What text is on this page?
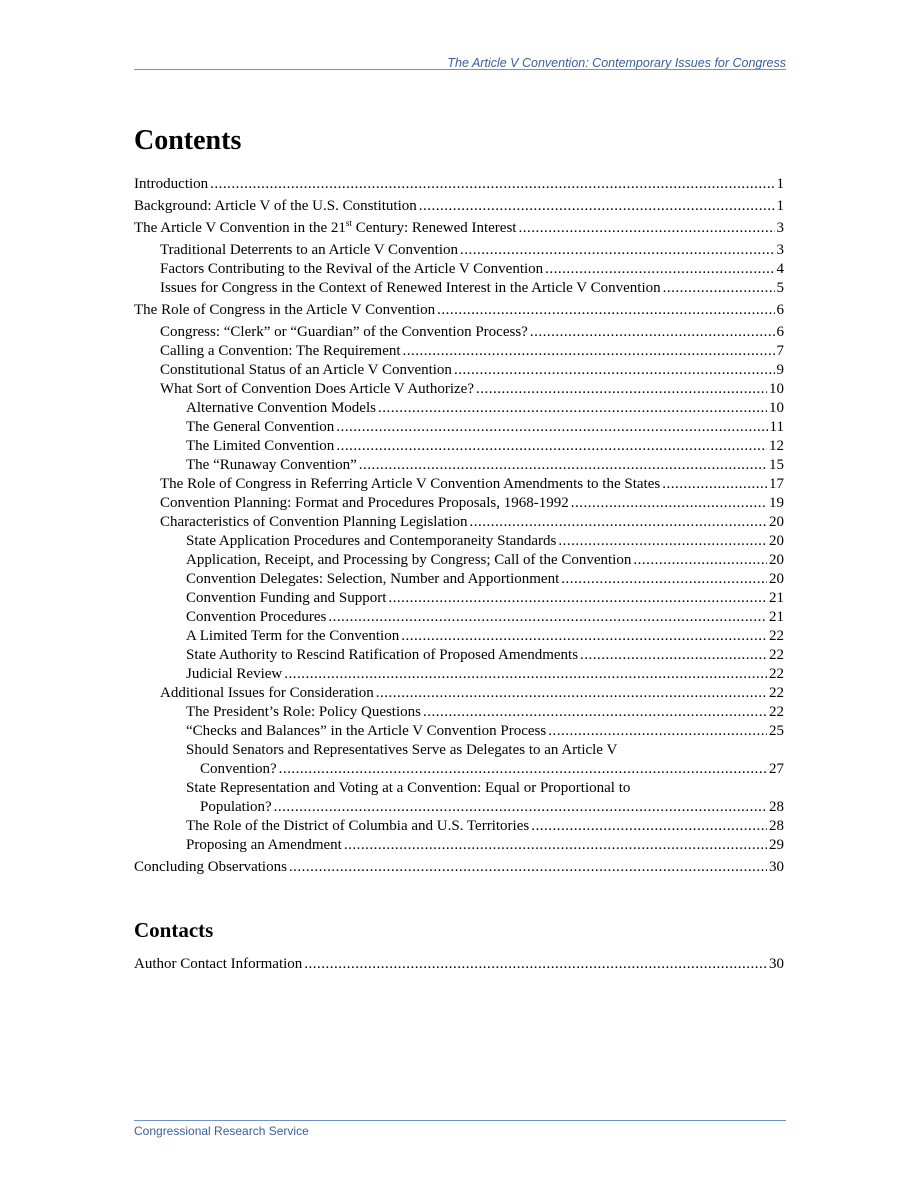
The Article V Convention: Contemporary Issues for Congress
Contents
Introduction .....	1
Background: Article V of the U.S. Constitution .....	1
The Article V Convention in the 21st Century: Renewed Interest .....	3
Traditional Deterrents to an Article V Convention .....	3
Factors Contributing to the Revival of the Article V Convention .....	4
Issues for Congress in the Context of Renewed Interest in the Article V Convention .....	5
The Role of Congress in the Article V Convention .....	6
Congress: “Clerk” or “Guardian” of the Convention Process? .....	6
Calling a Convention: The Requirement .....	7
Constitutional Status of an Article V Convention .....	9
What Sort of Convention Does Article V Authorize? .....	10
Alternative Convention Models .....	10
The General Convention .....	11
The Limited Convention .....	12
The “Runaway Convention” .....	15
The Role of Congress in Referring Article V Convention Amendments to the States .....	17
Convention Planning: Format and Procedures Proposals, 1968-1992 .....	19
Characteristics of Convention Planning Legislation .....	20
State Application Procedures and Contemporaneity Standards .....	20
Application, Receipt, and Processing by Congress; Call of the Convention .....	20
Convention Delegates: Selection, Number and Apportionment .....	20
Convention Funding and Support .....	21
Convention Procedures .....	21
A Limited Term for the Convention .....	22
State Authority to Rescind Ratification of Proposed Amendments .....	22
Judicial Review .....	22
Additional Issues for Consideration .....	22
The President’s Role: Policy Questions .....	22
“Checks and Balances” in the Article V Convention Process .....	25
Should Senators and Representatives Serve as Delegates to an Article V
Convention? .....	27
State Representation and Voting at a Convention: Equal or Proportional to
Population? .....	28
The Role of the District of Columbia and U.S. Territories .....	28
Proposing an Amendment .....	29
Concluding Observations .....	30
Contacts
Author Contact Information .....	30
Congressional Research Service
